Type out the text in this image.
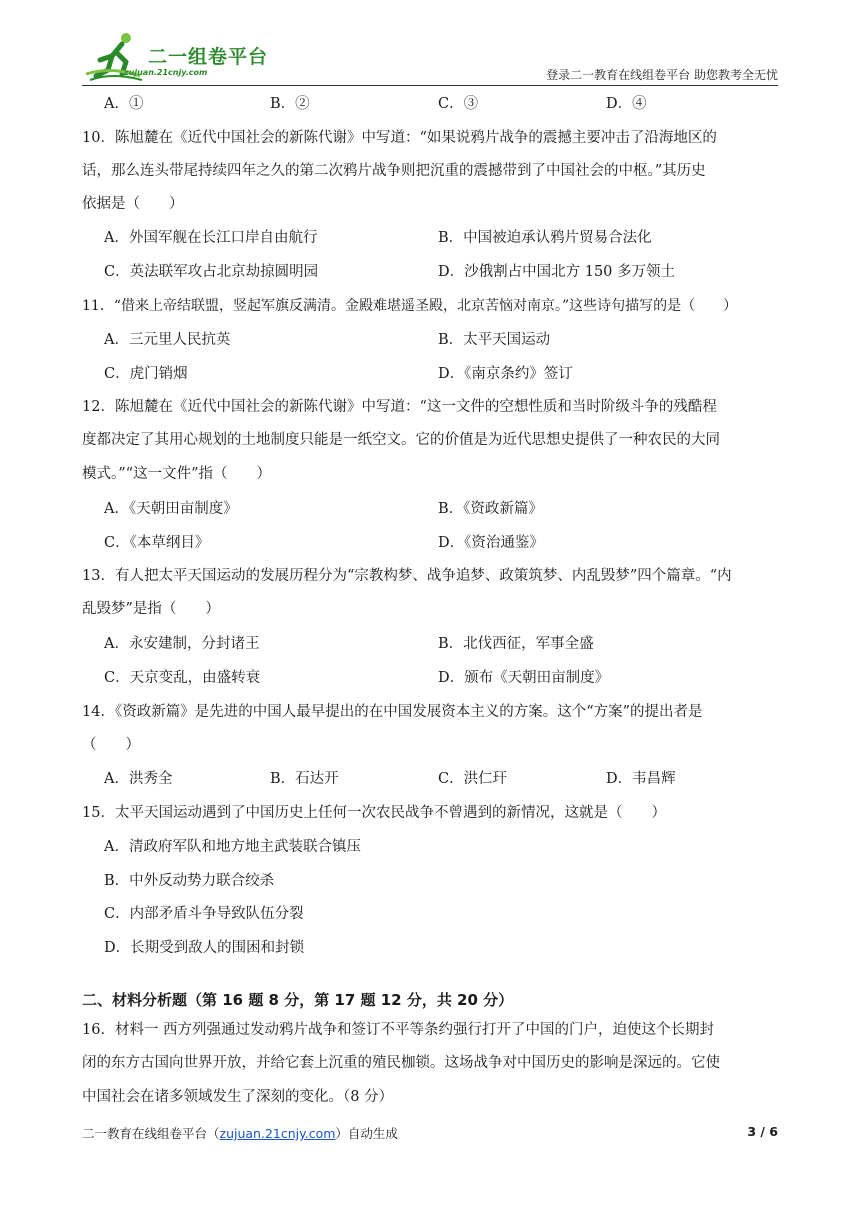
二一组卷平台
zujuan.21cnjy.com	登录二一教育在线组卷平台 助您教考全无忧
A．①	B．②	C．③	D．④
10．陈旭麓在《近代中国社会的新陈代谢》中写道：“如果说鸦片战争的震撼主要冲击了沿海地区的
话，那么连头带尾持续四年之久的第二次鸦片战争则把沉重的震撼带到了中国社会的中枢。”其历史
依据是（　　）
A．外国军舰在长江口岸自由航行	B．中国被迫承认鸦片贸易合法化
C．英法联军攻占北京劫掠圆明园	D．沙俄割占中国北方 150 多万领土
11．“借来上帝结联盟，竖起军旗反满清。金殿难堪遥圣殿，北京苦恼对南京。”这些诗句描写的是（　　）
A．三元里人民抗英	B．太平天国运动
C．虎门销烟	D．《南京条约》签订
12．陈旭麓在《近代中国社会的新陈代谢》中写道：“这一文件的空想性质和当时阶级斗争的残酷程
度都决定了其用心规划的土地制度只能是一纸空文。它的价值是为近代思想史提供了一种农民的大同
模式。”“这一文件”指（　　）
A．《天朝田亩制度》	B．《资政新篇》
C．《本草纲目》	D．《资治通鉴》
13．有人把太平天国运动的发展历程分为“宗教构梦、战争追梦、政策筑梦、内乱毁梦”四个篇章。“内
乱毁梦”是指（　　）
A．永安建制，分封诸王	B．北伐西征，军事全盛
C．天京变乱，由盛转衰	D．颁布《天朝田亩制度》
14．《资政新篇》是先进的中国人最早提出的在中国发展资本主义的方案。这个“方案”的提出者是
（　　）
A．洪秀全	B．石达开	C．洪仁玕	D．韦昌辉
15．太平天国运动遇到了中国历史上任何一次农民战争不曾遇到的新情况，这就是（　　）
A．清政府军队和地方地主武装联合镇压
B．中外反动势力联合绞杀
C．内部矛盾斗争导致队伍分裂
D．长期受到敌人的围困和封锁
二、材料分析题（第 16 题 8 分，第 17 题 12 分，共 20 分）
16．材料一 西方列强通过发动鸦片战争和签订不平等条约强行打开了中国的门户，迫使这个长期封
闭的东方古国向世界开放，并给它套上沉重的殖民枷锁。这场战争对中国历史的影响是深远的。它使
中国社会在诸多领域发生了深刻的变化。（8 分）
二一教育在线组卷平台（zujuan.21cnjy.com）自动生成	3 / 6
